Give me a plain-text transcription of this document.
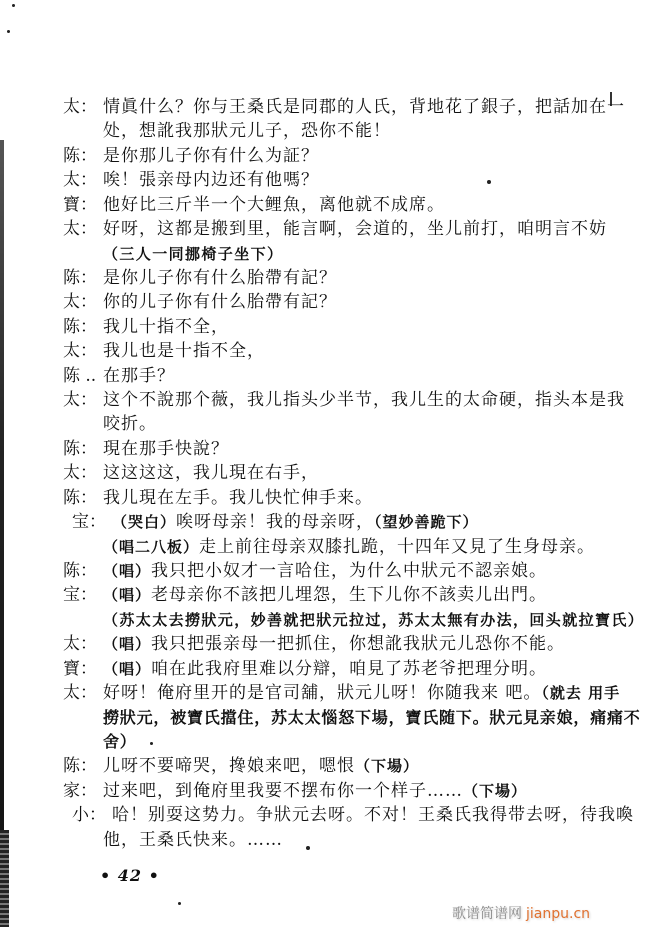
太： 情眞什么？你与王桑氏是同郡的人氏，背地花了銀子，把話加在一
处，想訛我那狀元儿子，恐你不能！
陈： 是你那儿子你有什么为証？
太： 唉！張亲母内边还有他嗎？
寶： 他好比三斤半一个大鲤魚，离他就不成席。
太： 好呀，这都是搬到里，能言啊，会道的，坐儿前打，咱明言不妨
（三人一同挪椅子坐下）
陈： 是你儿子你有什么胎帶有記？
太： 你的儿子你有什么胎帶有記？
陈： 我儿十指不全，
太： 我儿也是十指不全，
陈 .. 在那手？
太： 这个不說那个薇，我儿指头少半节，我儿生的太命硬，指头本是我
咬折。
陈： 現在那手快說？
太： 这这这这，我儿現在右手，
陈： 我儿現在左手。我儿快忙伸手来。
宝： （哭白）唉呀母亲！我的母亲呀，（望妙善跪下）
（唱二八板）走上前往母亲双膝扎跪，十四年又見了生身母亲。
陈： （唱）我只把小奴才一言哈住，为什么中狀元不認亲娘。
宝： （唱）老母亲你不該把儿埋怨，生下儿你不該卖儿出門。
（苏太太去撈狀元，妙善就把狀元拉过，苏太太無有办法，回头就拉寶氏）
太： （唱）我只把張亲母一把抓住，你想訛我狀元儿恐你不能。
寶： （唱）咱在此我府里难以分辯，咱見了苏老爷把理分明。
太： 好呀！俺府里开的是官司舖，狀元儿呀！你随我来 吧。（就去 用手
撈狀元，被寶氏擋住，苏太太惱怒下場，寶氏随下。狀元見亲娘，痛痛不
舍）
陈： 儿呀不要啼哭，搀娘来吧，嗯恨（下場）
家： 过来吧，到俺府里我要不摆布你一个样子……（下場）
小： 哈！别耍这势力。争狀元去呀。不对！王桑氏我得带去呀，待我喚
他，王桑氏快来。……
• 42 •
歌谱简谱网 jianpu.cn
